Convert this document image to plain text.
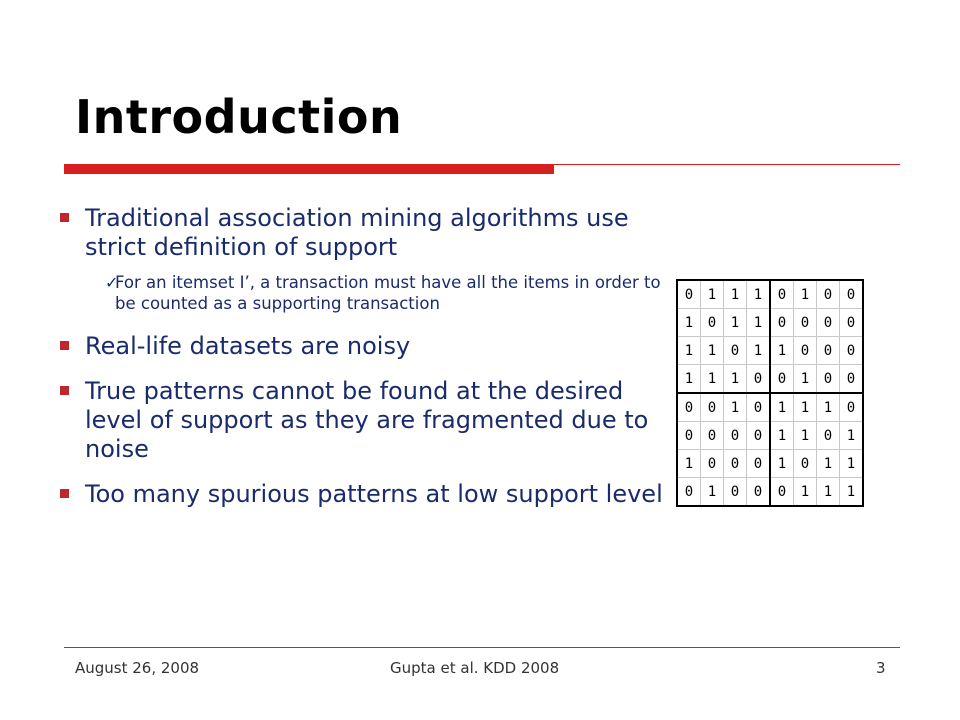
Introduction
Traditional association mining algorithms use strict definition of support
✓
For an itemset I’, a transaction must have all the items in order to be counted as a supporting transaction
Real-life datasets are noisy
True patterns cannot be found at the desired level of support as they are fragmented due to noise
Too many spurious patterns at low support level
0	1	1	1	0	1	0	0
1	0	1	1	0	0	0	0
1	1	0	1	1	0	0	0
1	1	1	0	0	1	0	0
0	0	1	0	1	1	1	0
0	0	0	0	1	1	0	1
1	0	0	0	1	0	1	1
0	1	0	0	0	1	1	1
August 26, 2008	Gupta et al. KDD 2008	3
